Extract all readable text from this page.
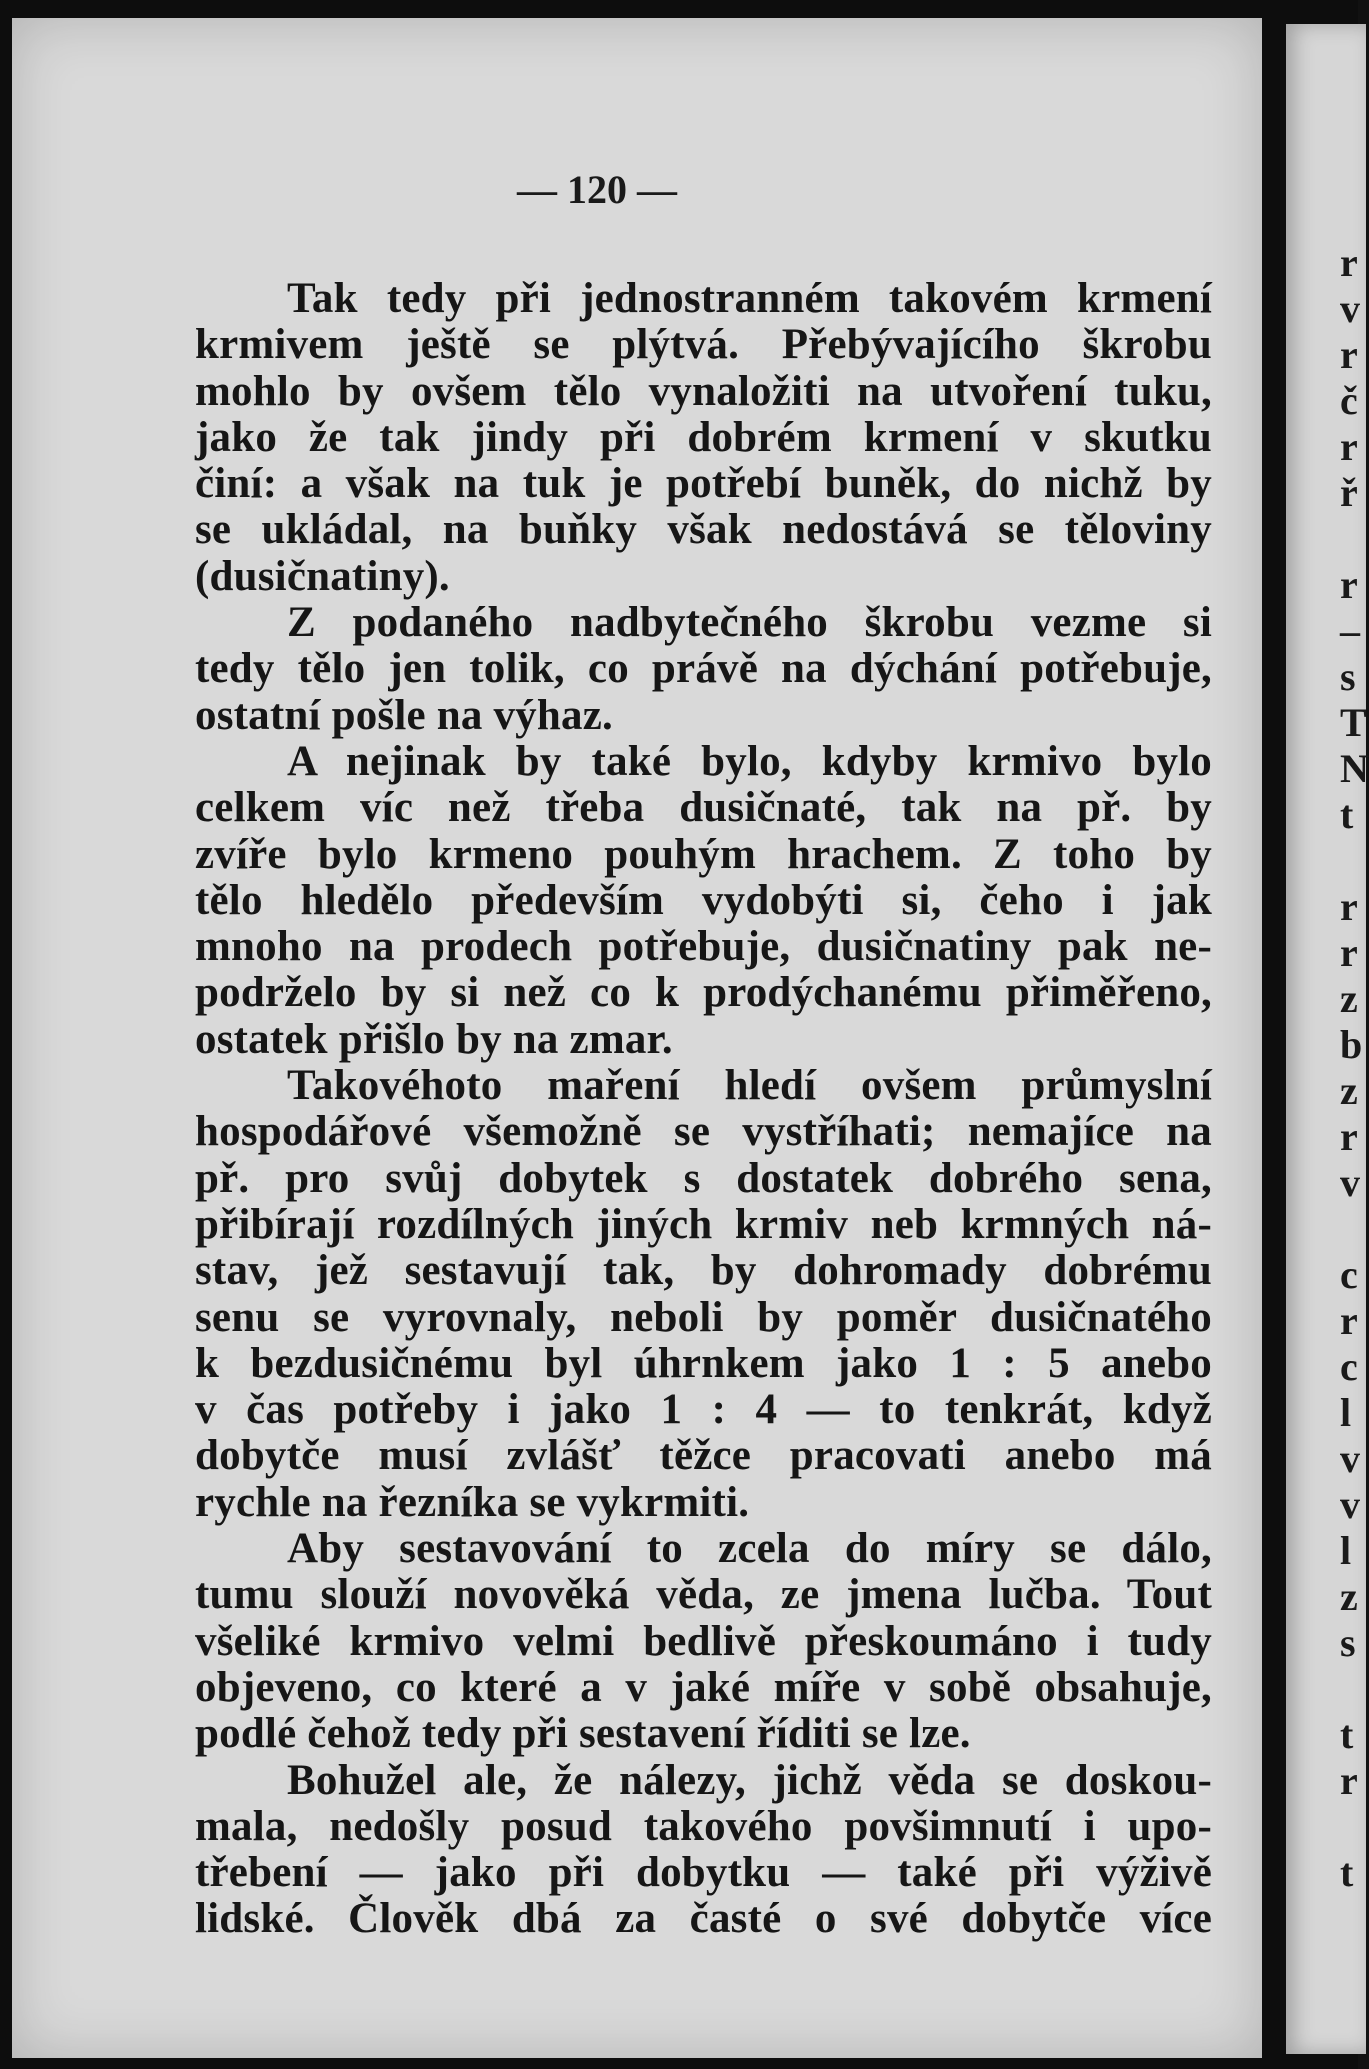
— 120 —
Tak tedy při jednostranném takovém krmení
krmivem ještě se plýtvá. Přebývajícího škrobu
mohlo by ovšem tělo vynaložiti na utvoření tuku,
jako že tak jindy při dobrém krmení v skutku
činí: a však na tuk je potřebí buněk, do nichž by
se ukládal, na buňky však nedostává se těloviny
(dusičnatiny).
Z podaného nadbytečného škrobu vezme si
tedy tělo jen tolik, co právě na dýchání potřebuje,
ostatní pošle na výhaz.
A nejinak by také bylo, kdyby krmivo bylo
celkem víc než třeba dusičnaté, tak na př. by
zvíře bylo krmeno pouhým hrachem. Z toho by
tělo hledělo především vydobýti si, čeho i jak
mnoho na prodech potřebuje, dusičnatiny pak ne-
podrželo by si než co k prodýchanému přiměřeno,
ostatek přišlo by na zmar.
Takovéhoto maření hledí ovšem průmyslní
hospodářové všemožně se vystříhati; nemajíce na
př. pro svůj dobytek s dostatek dobrého sena,
přibírají rozdílných jiných krmiv neb krmných ná-
stav, jež sestavují tak, by dohromady dobrému
senu se vyrovnaly, neboli by poměr dusičnatého
k bezdusičnému byl úhrnkem jako 1 : 5 anebo
v čas potřeby i jako 1 : 4 — to tenkrát, když
dobytče musí zvlášť těžce pracovati anebo má
rychle na řezníka se vykrmiti.
Aby sestavování to zcela do míry se dálo,
tumu slouží novověká věda, ze jmena lučba. Tout
všeliké krmivo velmi bedlivě přeskoumáno i tudy
objeveno, co které a v jaké míře v sobě obsahuje,
podlé čehož tedy při sestavení říditi se lze.
Bohužel ale, že nálezy, jichž věda se doskou-
mala, nedošly posud takového povšimnutí i upo-
třebení — jako při dobytku — také při výživě
lidské. Člověk dbá za časté o své dobytče více
r
v
r
č
r
ř
r
–
s
T
N
t
r
r
z
b
z
r
v
c
r
c
l
v
v
l
z
s
t
r
t
